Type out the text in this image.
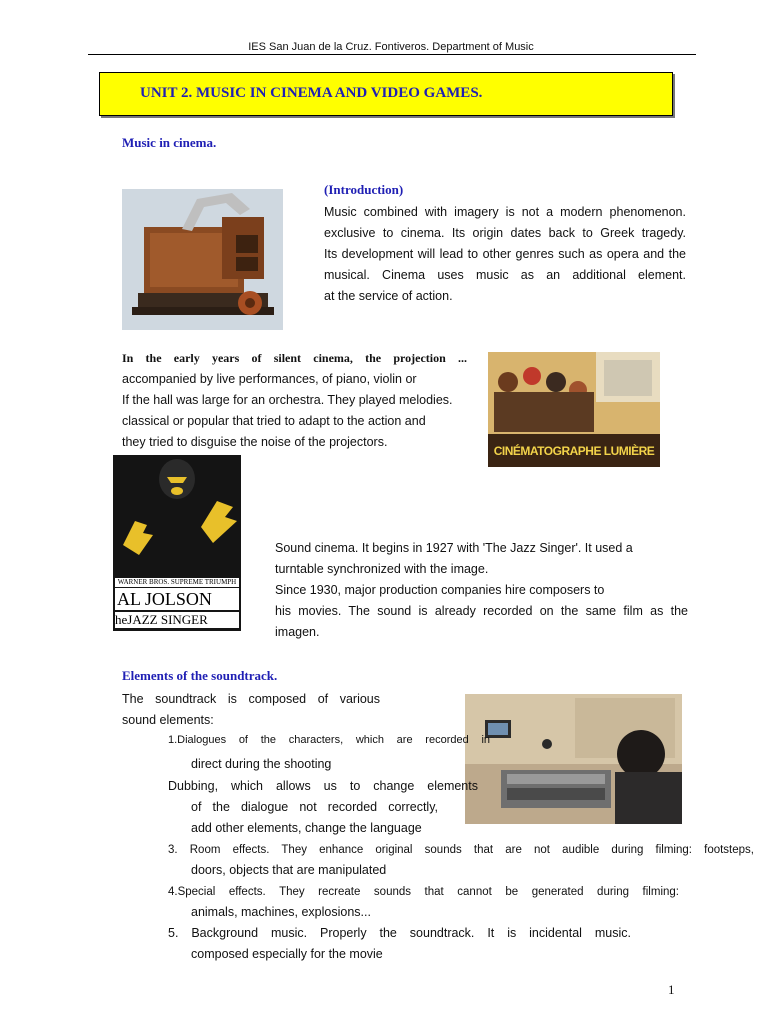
IES San Juan de la Cruz. Fontiveros. Department of Music
UNIT 2. MUSIC IN CINEMA AND VIDEO GAMES.
Music in cinema.
(Introduction)
Music combined with imagery is not a modern phenomenon.
exclusive to cinema. Its origin dates back to Greek tragedy.
Its development will lead to other genres such as opera and the
musical. Cinema uses music as an additional element.
at the service of action.
In the early years of silent cinema, the projection ...
accompanied by live performances, of piano, violin or
If the hall was large for an orchestra. They played melodies.
classical or popular that tried to adapt to the action and
they tried to disguise the noise of the projectors.
CINÉMATOGRAPHE LUMIÈRE
WARNER BROS. SUPREME TRIUMPH
AL JOLSON
heJAZZ SINGER
Sound cinema. It begins in 1927 with 'The Jazz Singer'. It used a
turntable synchronized with the image.
Since 1930, major production companies hire composers to
his movies. The sound is already recorded on the same film as the
imagen.
Elements of the soundtrack.
The soundtrack is composed of various
sound elements:
1.Dialogues of the characters, which are recorded in
direct during the shooting
Dubbing, which allows us to change elements
of the dialogue not recorded correctly,
add other elements, change the language
3. Room effects. They enhance original sounds that are not audible during filming: footsteps,
doors, objects that are manipulated
4.Special effects. They recreate sounds that cannot be generated during filming:
animals, machines, explosions...
5. Background music. Properly the soundtrack. It is incidental music.
composed especially for the movie
1
